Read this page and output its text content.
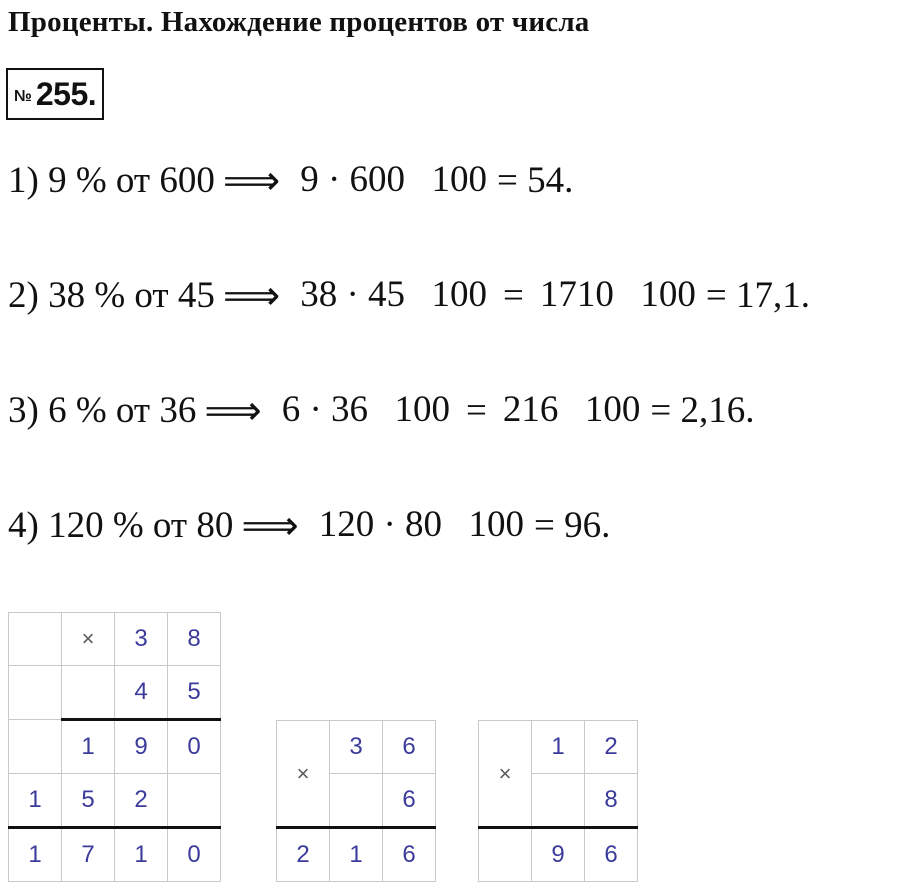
Проценты. Нахождение процентов от числа
№ 255.
1)
9 %
от
600 ⟹ 9 · 600 100 = 54.
2)
38 %
от
45 ⟹ 38 · 45 100 = 1710 100 = 17,1.
3)
6 %
от
36 ⟹ 6 · 36 100 = 216 100 = 2,16.
4)
120 %
от
80 ⟹ 120 · 80 100 = 96.
	×	3	8
		4	5
	1	9	0
1	5	2	
1	7	1	0
×	3	6
		6
2	1	6
×	1	2
		8
	9	6
